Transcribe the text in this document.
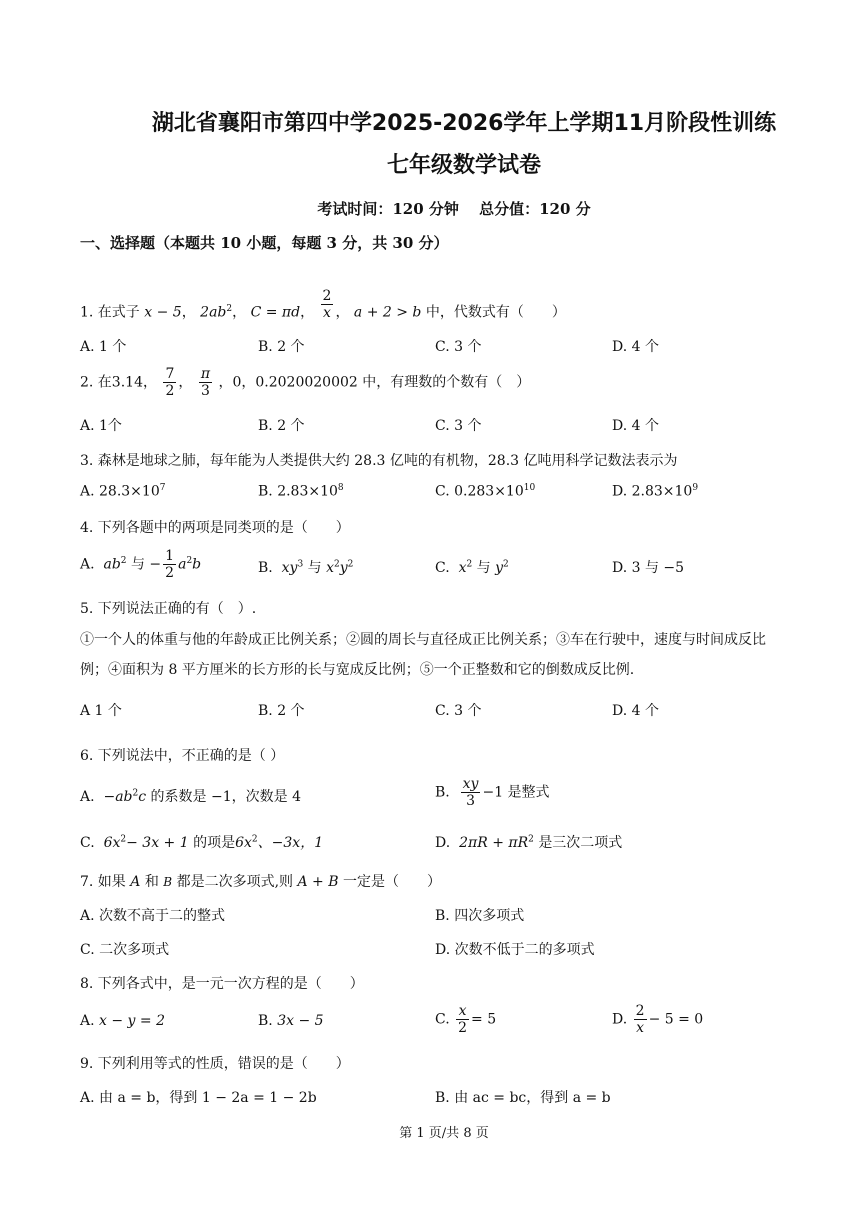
湖北省襄阳市第四中学2025-2026学年上学期11月阶段性训练
七年级数学试卷
考试时间：120 分钟　 总分值：120 分
一、选择题（本题共 10 小题，每题 3 分，共 30 分）
1. 在式子 x − 5， $2ab^2$， C = πd， $\frac{2}{x}$ ， a + 2 > b 中，代数式有（　　）
A. 1 个	B. 2 个	C. 3 个	D. 4 个
2. 在3.14， $\frac{7}{2}$ ， $\frac{\pi}{3}$ ，0，0.2020020002 中，有理数的个数有（　）
A. 1个	B. 2 个	C. 3 个	D. 4 个
3. 森林是地球之肺，每年能为人类提供大约 28.3 亿吨的有机物，28.3 亿吨用科学记数法表示为
A. $28.3\times 10^7$	B. $2.83\times 10^8$	C. $0.283\times 10^{10}$	D. $2.83\times 10^9$
4. 下列各题中的两项是同类项的是（　　）
A. $ab^2$ 与 − $\frac{1}{2} a^2b$	B. $xy^3$ 与 $x^2y^2$	C. $x^2$ 与 $y^2$	D. 3 与 −5
5. 下列说法正确的有（　）.
①一个人的体重与他的年龄成正比例关系；②圆的周长与直径成正比例关系；③车在行驶中，速度与时间成反比例；④面积为 8 平方厘米的长方形的长与宽成反比例；⑤一个正整数和它的倒数成反比例.
A 1 个	B. 2 个	C. 3 个	D. 4 个
6. 下列说法中，不正确的是（ ）
A. $-ab^2c$ 的系数是 −1，次数是 4	B. $\frac{xy}{3} -1$ 是整式
C. $6x^2- 3x + 1$ 的项是$6x^2$、−3x，1	D. $2\pi R + \pi R^2$ 是三次二项式
7. 如果 A 和 B 都是二次多项式,则 A + B 一定是（　　）
A. 次数不高于二的整式	B. 四次多项式
C. 二次多项式	D. 次数不低于二的多项式
8. 下列各式中，是一元一次方程的是（　　）
A. x − y = 2	B. 3x − 5	C. $\frac{x}{2} = 5$	D. $\frac{2}{x} - 5 = 0$
9. 下列利用等式的性质，错误的是（　　）
A. 由 a = b，得到 1 − 2a = 1 − 2b	B. 由 ac = bc，得到 a = b
第 1 页/共 8 页
